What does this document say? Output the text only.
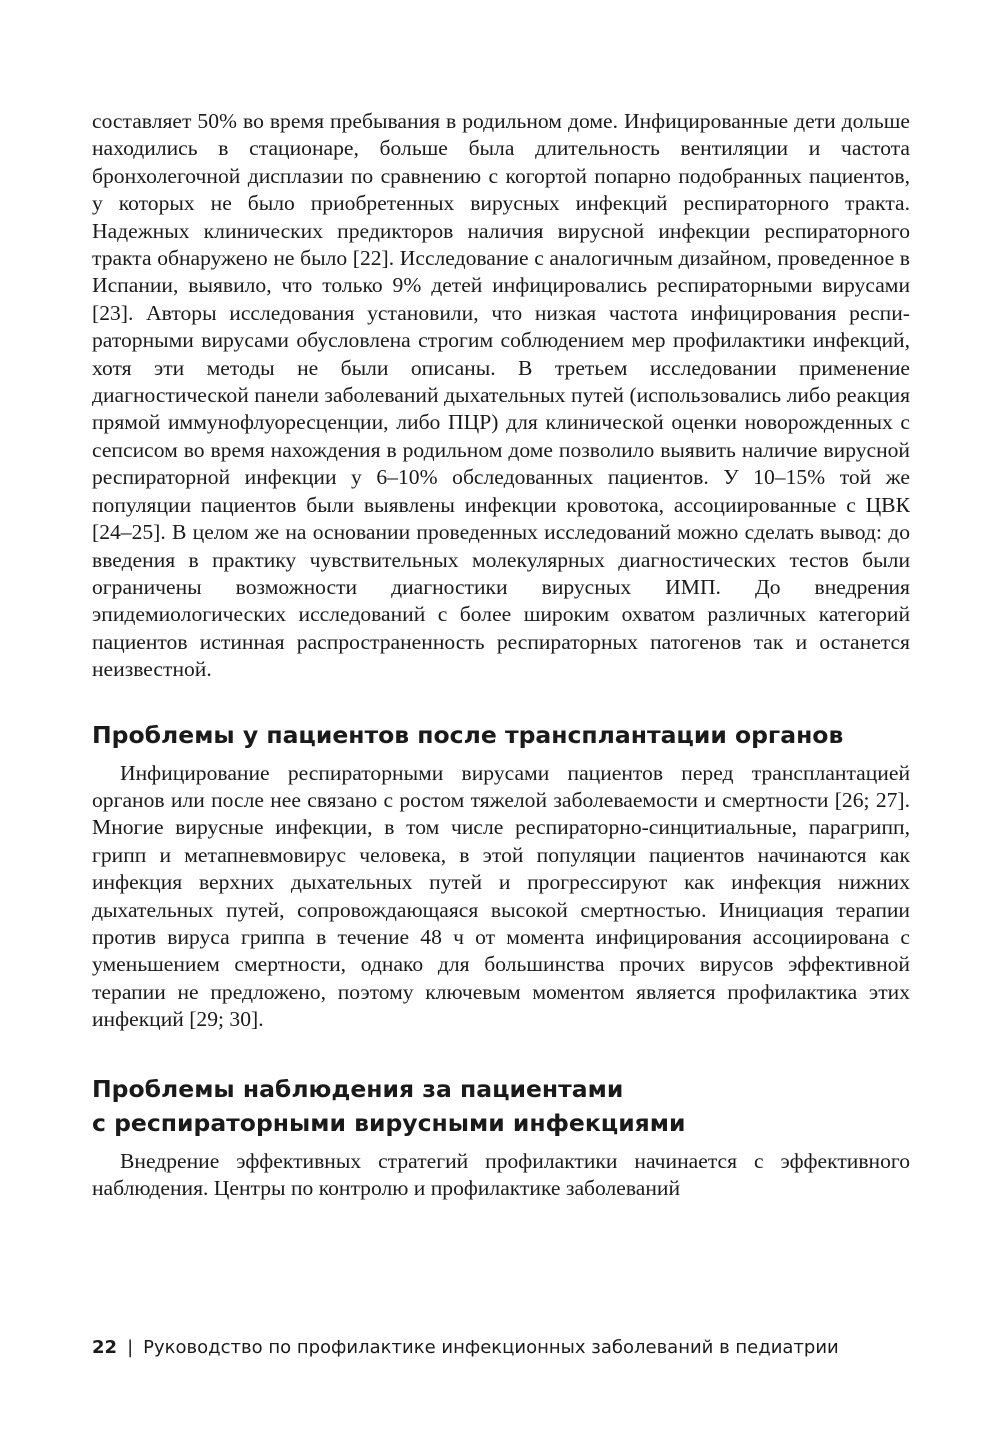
составляет 50% во время пребывания в родильном доме. Инфицированные дети дольше находились в стационаре, больше была длительность вентиляции и частота бронхолегочной дисплазии по сравнению с когортой попарно подобранных пациентов, у которых не было приобретенных вирусных инфекций респираторного тракта. Надежных клинических предикторов наличия вирусной инфекции респираторного тракта обнаружено не было [22]. Исследование с аналогичным дизайном, проведенное в Испании, выявило, что только 9% детей инфицировались респираторными вирусами [23]. Авторы исследования установили, что низкая частота инфицирования респираторными вирусами обусловлена строгим соблюдением мер профилактики инфекций, хотя эти методы не были описаны. В третьем исследовании применение диагностической панели заболеваний дыхательных путей (использовались либо реакция прямой иммунофлуоресценции, либо ПЦР) для клинической оценки новорожденных с сепсисом во время нахождения в родильном доме позволило выявить наличие вирусной респираторной инфекции у 6–10% обследованных пациентов. У 10–15% той же популяции пациентов были выявлены инфекции кровотока, ассоциированные с ЦВК [24–25]. В целом же на основании проведенных исследований можно сделать вывод: до введения в практику чувствительных молекулярных диагностических тестов были ограничены возможности диагностики вирусных ИМП. До внедрения эпидемиологических исследований с более широким охватом различных категорий пациентов истинная распространенность респираторных патогенов так и останется неизвестной.

Проблемы у пациентов после трансплантации органов

Инфицирование респираторными вирусами пациентов перед трансплантацией органов или после нее связано с ростом тяжелой заболеваемости и смертности [26; 27]. Многие вирусные инфекции, в том числе респираторно-синцитиальные, парагрипп, грипп и метапневмовирус человека, в этой популяции пациентов начинаются как инфекция верхних дыхательных путей и прогрессируют как инфекция нижних дыхательных путей, сопровождающаяся высокой смертностью. Инициация терапии против вируса гриппа в течение 48 ч от момента инфицирования ассоциирована с уменьшением смертности, однако для большинства прочих вирусов эффективной терапии не предложено, поэтому ключевым моментом является профилактика этих инфекций [29; 30].

Проблемы наблюдения за пациентами
с респираторными вирусными инфекциями

Внедрение эффективных стратегий профилактики начинается с эффективного наблюдения. Центры по контролю и профилактике заболеваний

22 | Руководство по профилактике инфекционных заболеваний в педиатрии
